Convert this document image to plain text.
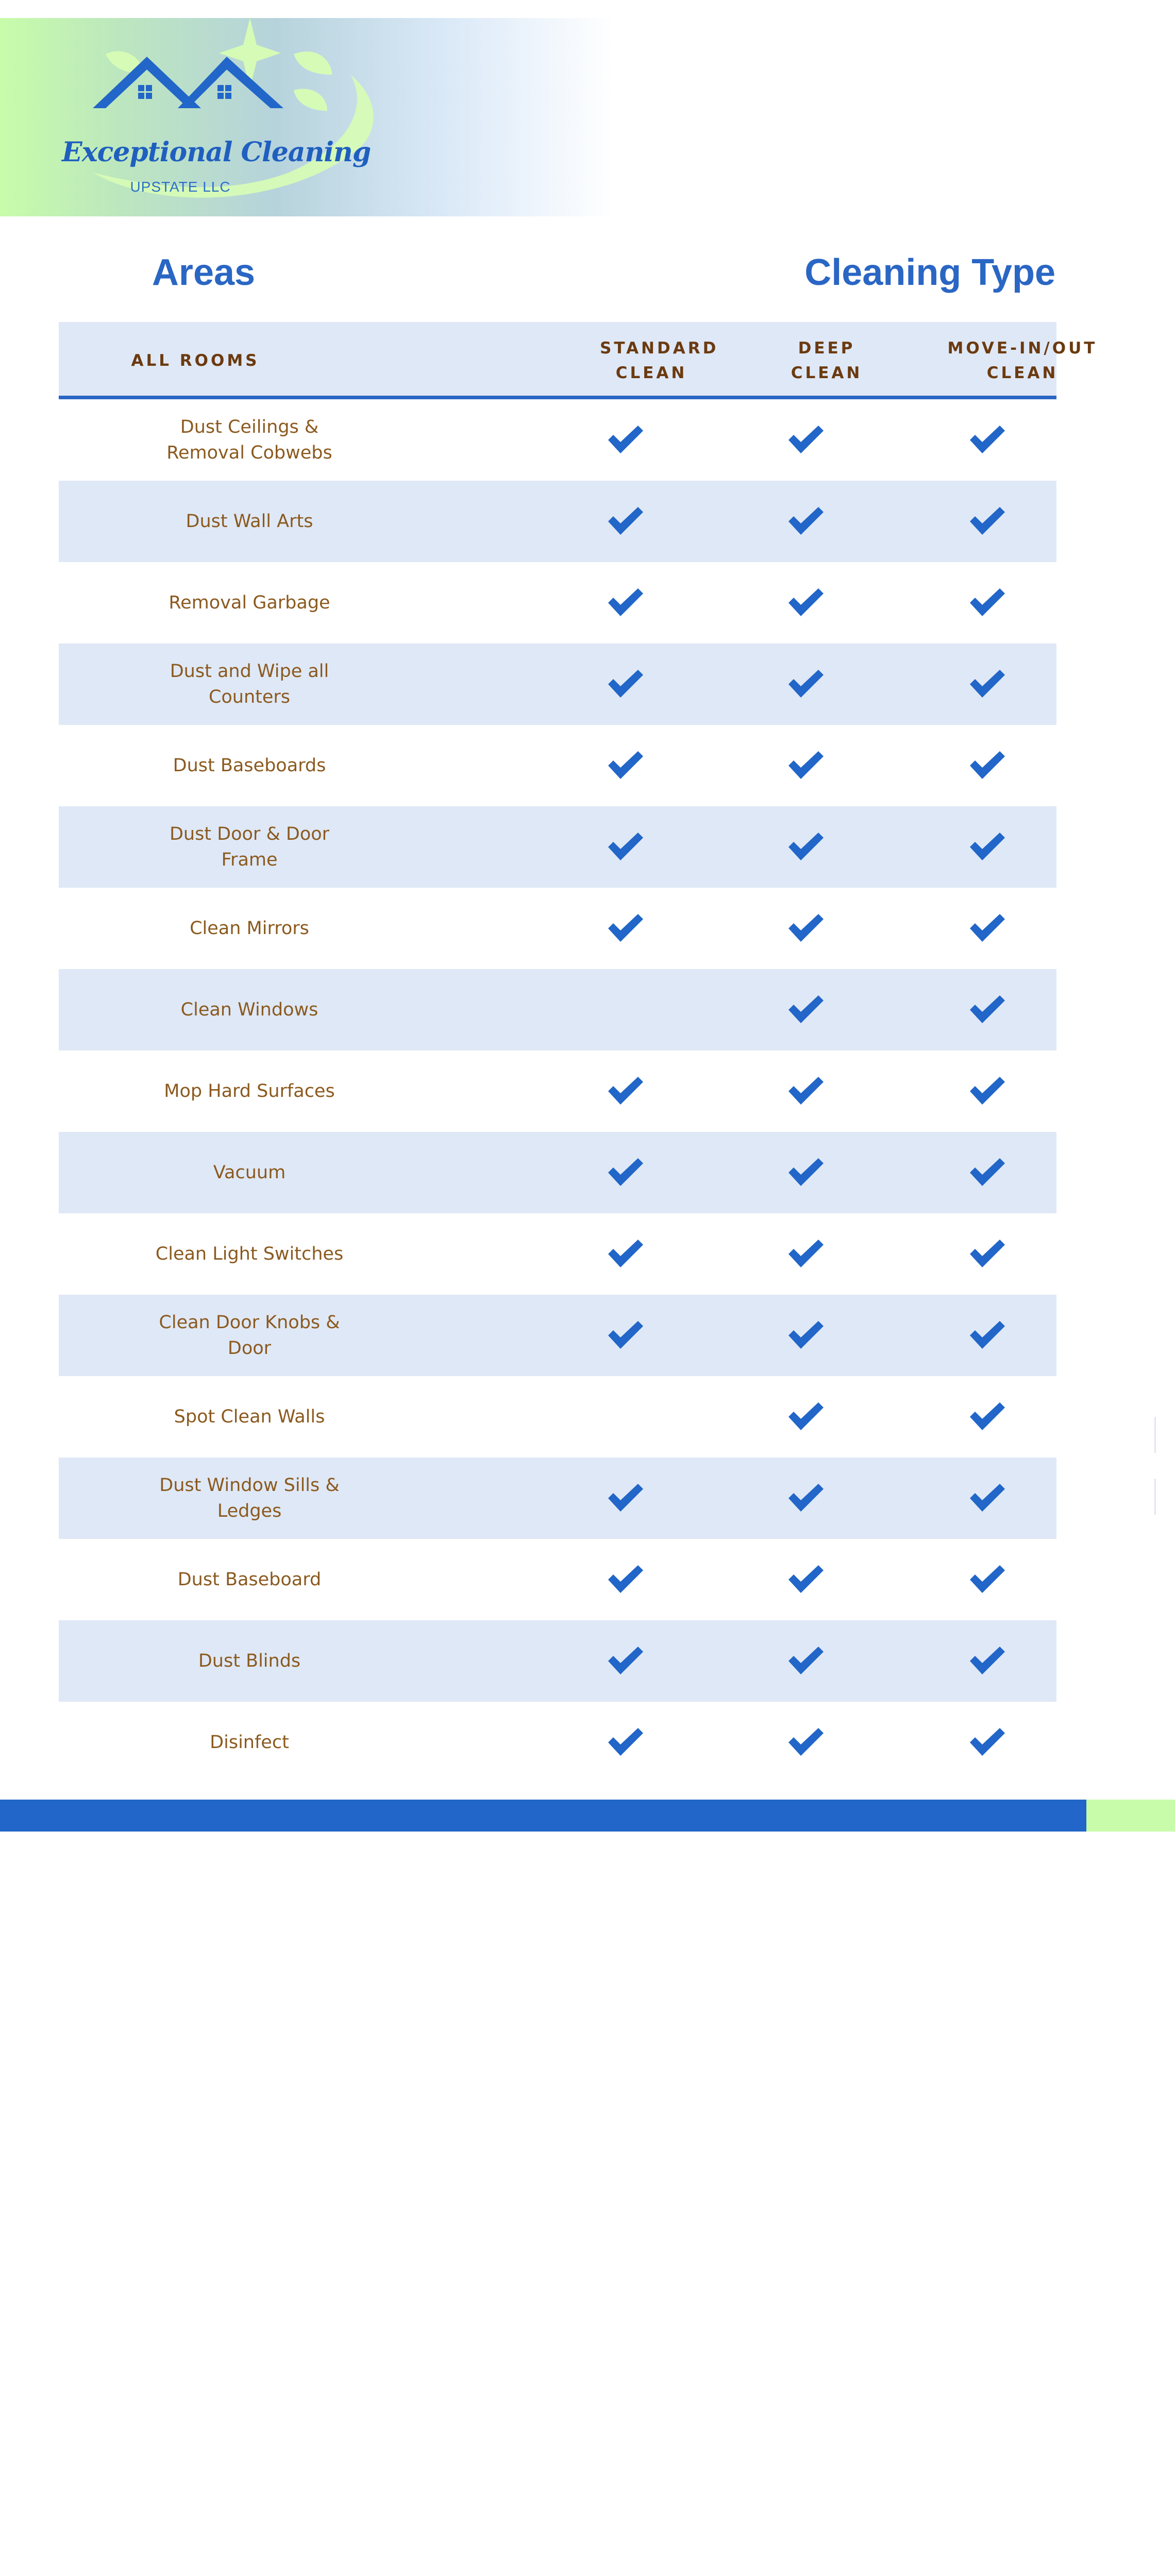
Exceptional Cleaning
UPSTATE LLC
Areas	Cleaning Type
ALL ROOMS
STANDARD CLEAN
DEEP CLEAN
MOVE-IN/OUT CLEAN
Dust Ceilings & Removal Cobwebs
Dust Wall Arts
Removal Garbage
Dust and Wipe all Counters
Dust Baseboards
Dust Door & Door Frame
Clean Mirrors
Clean Windows
Mop Hard Surfaces
Vacuum
Clean Light Switches
Clean Door Knobs & Door
Spot Clean Walls
Dust Window Sills & Ledges
Dust Baseboard
Dust Blinds
Disinfect
